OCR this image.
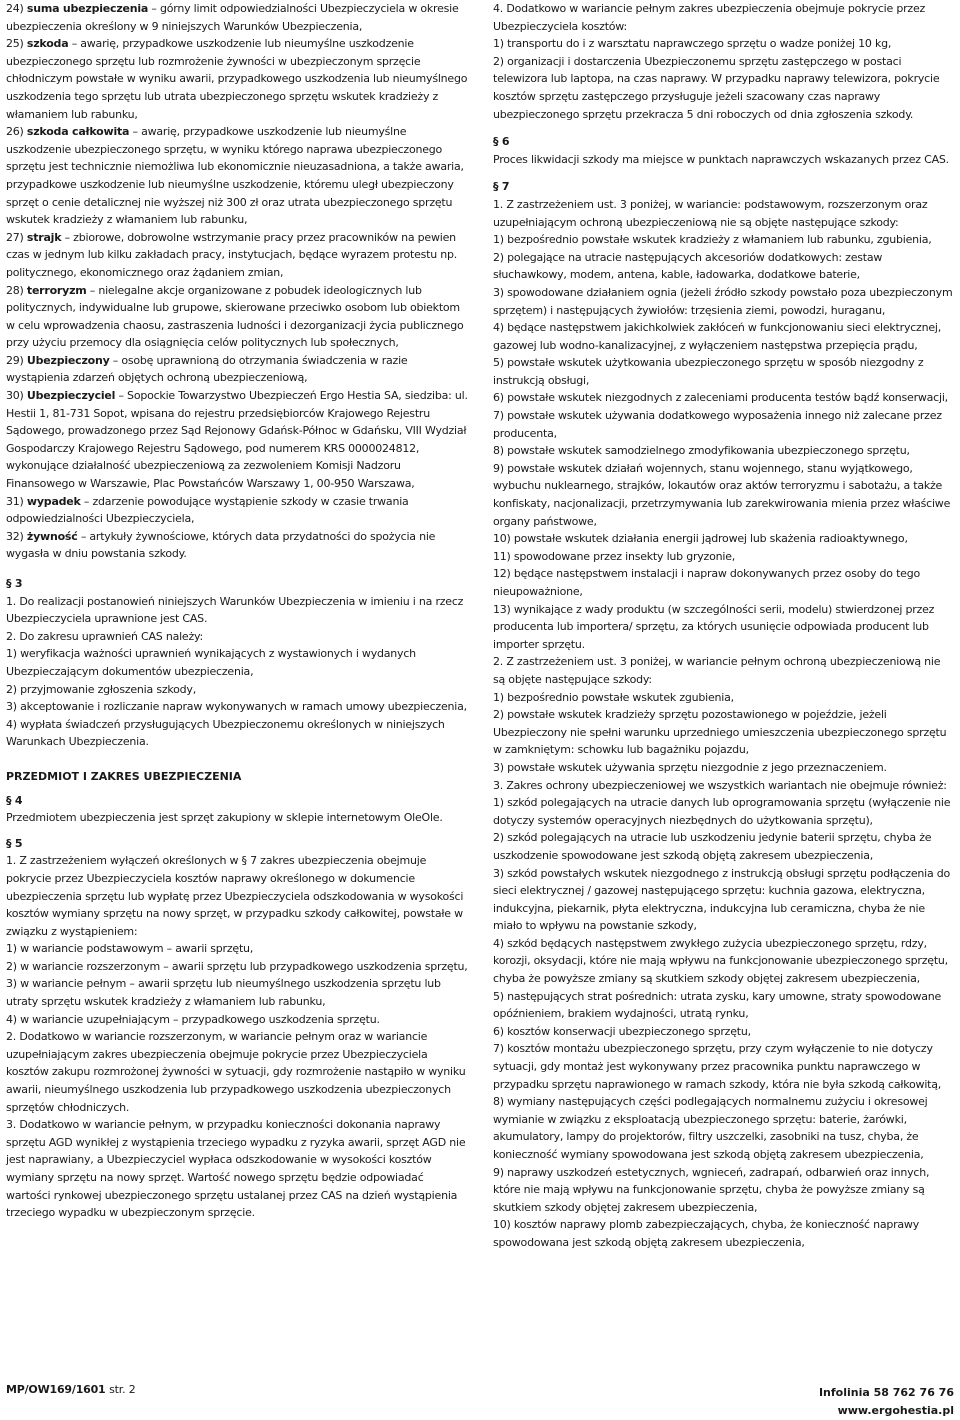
24) suma ubezpieczenia – górny limit odpowiedzialności Ubezpieczyciela w okresie ubezpieczenia określony w 9 niniejszych Warunków Ubezpieczenia,
25) szkoda – awarię, przypadkowe uszkodzenie lub nieumyślne uszkodzenie ubezpieczonego sprzętu lub rozmrożenie żywności w ubezpieczonym sprzęcie chłodniczym powstałe w wyniku awarii, przypadkowego uszkodzenia lub nieumyślnego uszkodzenia tego sprzętu lub utrata ubezpieczonego sprzętu wskutek kradzieży z włamaniem lub rabunku,
26) szkoda całkowita – awarię, przypadkowe uszkodzenie lub nieumyślne uszkodzenie ubezpieczonego sprzętu, w wyniku którego naprawa ubezpieczonego sprzętu jest technicznie niemożliwa lub ekonomicznie nieuzasadniona, a także awaria, przypadkowe uszkodzenie lub nieumyślne uszkodzenie, któremu uległ ubezpieczony sprzęt o cenie detalicznej nie wyższej niż 300 zł oraz utrata ubezpieczonego sprzętu wskutek kradzieży z włamaniem lub rabunku,
27) strajk – zbiorowe, dobrowolne wstrzymanie pracy przez pracowników na pewien czas w jednym lub kilku zakładach pracy, instytucjach, będące wyrazem protestu np. politycznego, ekonomicznego oraz żądaniem zmian,
28) terroryzm – nielegalne akcje organizowane z pobudek ideologicznych lub politycznych, indywidualne lub grupowe, skierowane przeciwko osobom lub obiektom w celu wprowadzenia chaosu, zastraszenia ludności i dezorganizacji życia publicznego przy użyciu przemocy dla osiągnięcia celów politycznych lub społecznych,
29) Ubezpieczony – osobę uprawnioną do otrzymania świadczenia w razie wystąpienia zdarzeń objętych ochroną ubezpieczeniową,
30) Ubezpieczyciel – Sopockie Towarzystwo Ubezpieczeń Ergo Hestia SA, siedziba: ul. Hestii 1, 81-731 Sopot, wpisana do rejestru przedsiębiorców Krajowego Rejestru Sądowego, prowadzonego przez Sąd Rejonowy Gdańsk-Północ w Gdańsku, VIII Wydział Gospodarczy Krajowego Rejestru Sądowego, pod numerem KRS 0000024812, wykonujące działalność ubezpieczeniową za zezwoleniem Komisji Nadzoru Finansowego w Warszawie, Plac Powstańców Warszawy 1, 00-950 Warszawa,
31) wypadek – zdarzenie powodujące wystąpienie szkody w czasie trwania odpowiedzialności Ubezpieczyciela,
32) żywność – artykuły żywnościowe, których data przydatności do spożycia nie wygasła w dniu powstania szkody.
§ 3
1. Do realizacji postanowień niniejszych Warunków Ubezpieczenia w imieniu i na rzecz Ubezpieczyciela uprawnione jest CAS.
2. Do zakresu uprawnień CAS należy:
1) weryfikacja ważności uprawnień wynikających z wystawionych i wydanych Ubezpieczającym dokumentów ubezpieczenia,
2) przyjmowanie zgłoszenia szkody,
3) akceptowanie i rozliczanie napraw wykonywanych w ramach umowy ubezpieczenia,
4) wypłata świadczeń przysługujących Ubezpieczonemu określonych w niniejszych Warunkach Ubezpieczenia.
PRZEDMIOT I ZAKRES UBEZPIECZENIA
§ 4
Przedmiotem ubezpieczenia jest sprzęt zakupiony w sklepie internetowym OleOle.
§ 5
1. Z zastrzeżeniem wyłączeń określonych w § 7 zakres ubezpieczenia obejmuje pokrycie przez Ubezpieczyciela kosztów naprawy określonego w dokumencie ubezpieczenia sprzętu lub wypłatę przez Ubezpieczyciela odszkodowania w wysokości kosztów wymiany sprzętu na nowy sprzęt, w przypadku szkody całkowitej, powstałe w związku z wystąpieniem:
1) w wariancie podstawowym – awarii sprzętu,
2) w wariancie rozszerzonym – awarii sprzętu lub przypadkowego uszkodzenia sprzętu,
3) w wariancie pełnym – awarii sprzętu lub nieumyślnego uszkodzenia sprzętu lub utraty sprzętu wskutek kradzieży z włamaniem lub rabunku,
4) w wariancie uzupełniającym – przypadkowego uszkodzenia sprzętu.
2. Dodatkowo w wariancie rozszerzonym, w wariancie pełnym oraz w wariancie uzupełniającym zakres ubezpieczenia obejmuje pokrycie przez Ubezpieczyciela kosztów zakupu rozmrożonej żywności w sytuacji, gdy rozmrożenie nastąpiło w wyniku awarii, nieumyślnego uszkodzenia lub przypadkowego uszkodzenia ubezpieczonych sprzętów chłodniczych.
3. Dodatkowo w wariancie pełnym, w przypadku konieczności dokonania naprawy sprzętu AGD wynikłej z wystąpienia trzeciego wypadku z ryzyka awarii, sprzęt AGD nie jest naprawiany, a Ubezpieczyciel wypłaca odszkodowanie w wysokości kosztów wymiany sprzętu na nowy sprzęt. Wartość nowego sprzętu będzie odpowiadać wartości rynkowej ubezpieczonego sprzętu ustalanej przez CAS na dzień wystąpienia trzeciego wypadku w ubezpieczonym sprzęcie.
4. Dodatkowo w wariancie pełnym zakres ubezpieczenia obejmuje pokrycie przez Ubezpieczyciela kosztów:
1) transportu do i z warsztatu naprawczego sprzętu o wadze poniżej 10 kg,
2) organizacji i dostarczenia Ubezpieczonemu sprzętu zastępczego w postaci telewizora lub laptopa, na czas naprawy. W przypadku naprawy telewizora, pokrycie kosztów sprzętu zastępczego przysługuje jeżeli szacowany czas naprawy ubezpieczonego sprzętu przekracza 5 dni roboczych od dnia zgłoszenia szkody.
§ 6
Proces likwidacji szkody ma miejsce w punktach naprawczych wskazanych przez CAS.
§ 7
1. Z zastrzeżeniem ust. 3 poniżej, w wariancie: podstawowym, rozszerzonym oraz uzupełniającym ochroną ubezpieczeniową nie są objęte następujące szkody:
1) bezpośrednio powstałe wskutek kradzieży z włamaniem lub rabunku, zgubienia,
2) polegające na utracie następujących akcesoriów dodatkowych: zestaw słuchawkowy, modem, antena, kable, ładowarka, dodatkowe baterie,
3) spowodowane działaniem ognia (jeżeli źródło szkody powstało poza ubezpieczonym sprzętem) i następujących żywiołów: trzęsienia ziemi, powodzi, huraganu,
4) będące następstwem jakichkolwiek zakłóceń w funkcjonowaniu sieci elektrycznej, gazowej lub wodno-kanalizacyjnej, z wyłączeniem następstwa przepięcia prądu,
5) powstałe wskutek użytkowania ubezpieczonego sprzętu w sposób niezgodny z instrukcją obsługi,
6) powstałe wskutek niezgodnych z zaleceniami producenta testów bądź konserwacji,
7) powstałe wskutek używania dodatkowego wyposażenia innego niż zalecane przez producenta,
8) powstałe wskutek samodzielnego zmodyfikowania ubezpieczonego sprzętu,
9) powstałe wskutek działań wojennych, stanu wojennego, stanu wyjątkowego, wybuchu nuklearnego, strajków, lokautów oraz aktów terroryzmu i sabotażu, a także konfiskaty, nacjonalizacji, przetrzymywania lub zarekwirowania mienia przez właściwe organy państwowe,
10) powstałe wskutek działania energii jądrowej lub skażenia radioaktywnego,
11) spowodowane przez insekty lub gryzonie,
12) będące następstwem instalacji i napraw dokonywanych przez osoby do tego nieupoważnione,
13) wynikające z wady produktu (w szczególności serii, modelu) stwierdzonej przez producenta lub importera/ sprzętu, za których usunięcie odpowiada producent lub importer sprzętu.
2. Z zastrzeżeniem ust. 3 poniżej, w wariancie pełnym ochroną ubezpieczeniową nie są objęte następujące szkody:
1) bezpośrednio powstałe wskutek zgubienia,
2) powstałe wskutek kradzieży sprzętu pozostawionego w pojeździe, jeżeli Ubezpieczony nie spełni warunku uprzedniego umieszczenia ubezpieczonego sprzętu w zamkniętym: schowku lub bagażniku pojazdu,
3) powstałe wskutek używania sprzętu niezgodnie z jego przeznaczeniem.
3. Zakres ochrony ubezpieczeniowej we wszystkich wariantach nie obejmuje również:
1) szkód polegających na utracie danych lub oprogramowania sprzętu (wyłączenie nie dotyczy systemów operacyjnych niezbędnych do użytkowania sprzętu),
2) szkód polegających na utracie lub uszkodzeniu jedynie baterii sprzętu, chyba że uszkodzenie spowodowane jest szkodą objętą zakresem ubezpieczenia,
3) szkód powstałych wskutek niezgodnego z instrukcją obsługi sprzętu podłączenia do sieci elektrycznej / gazowej następującego sprzętu: kuchnia gazowa, elektryczna, indukcyjna, piekarnik, płyta elektryczna, indukcyjna lub ceramiczna, chyba że nie miało to wpływu na powstanie szkody,
4) szkód będących następstwem zwykłego zużycia ubezpieczonego sprzętu, rdzy, korozji, oksydacji, które nie mają wpływu na funkcjonowanie ubezpieczonego sprzętu, chyba że powyższe zmiany są skutkiem szkody objętej zakresem ubezpieczenia,
5) następujących strat pośrednich: utrata zysku, kary umowne, straty spowodowane opóźnieniem, brakiem wydajności, utratą rynku,
6) kosztów konserwacji ubezpieczonego sprzętu,
7) kosztów montażu ubezpieczonego sprzętu, przy czym wyłączenie to nie dotyczy sytuacji, gdy montaż jest wykonywany przez pracownika punktu naprawczego w przypadku sprzętu naprawionego w ramach szkody, która nie była szkodą całkowitą,
8) wymiany następujących części podlegających normalnemu zużyciu i okresowej wymianie w związku z eksploatacją ubezpieczonego sprzętu: baterie, żarówki, akumulatory, lampy do projektorów, filtry uszczelki, zasobniki na tusz, chyba, że konieczność wymiany spowodowana jest szkodą objętą zakresem ubezpieczenia,
9) naprawy uszkodzeń estetycznych, wgnieceń, zadrapań, odbarwień oraz innych, które nie mają wpływu na funkcjonowanie sprzętu, chyba że powyższe zmiany są skutkiem szkody objętej zakresem ubezpieczenia,
10) kosztów naprawy plomb zabezpieczających, chyba, że konieczność naprawy spowodowana jest szkodą objętą zakresem ubezpieczenia,
MP/OW169/1601 str. 2	Infolinia 58 762 76 76
www.ergohestia.pl
